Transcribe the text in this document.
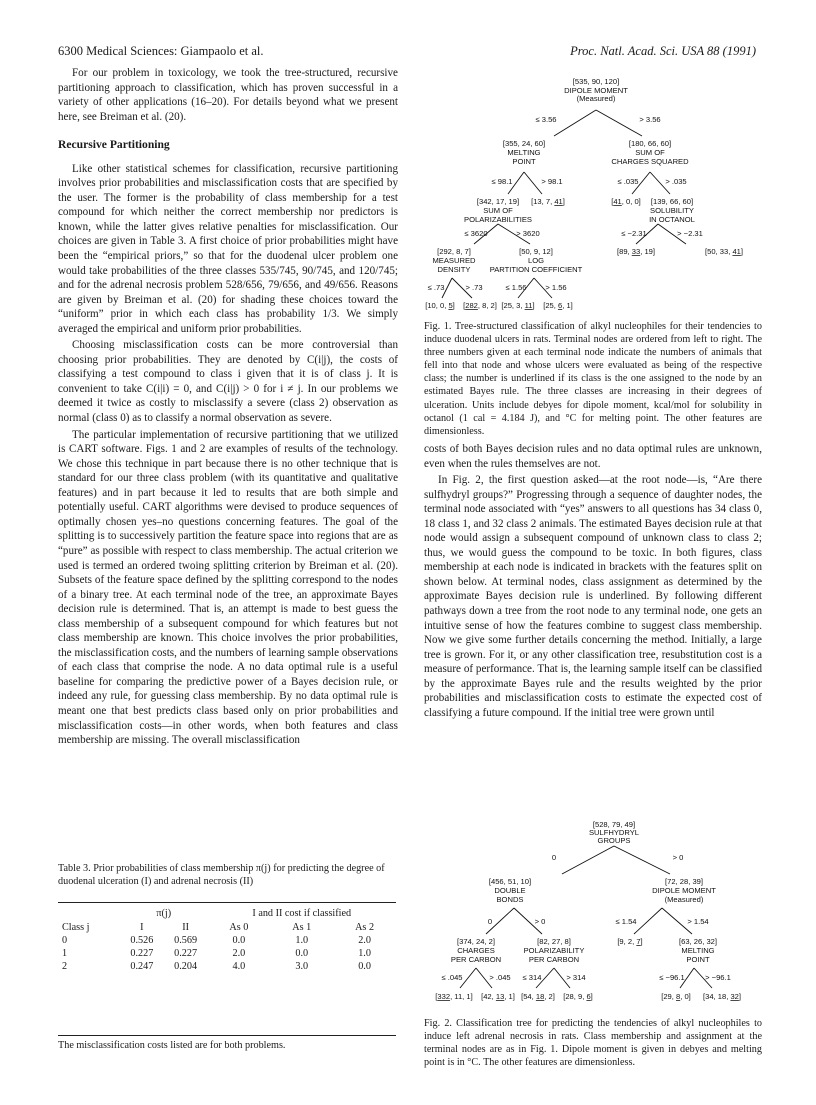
6300 Medical Sciences: Giampaolo et al.	Proc. Natl. Acad. Sci. USA 88 (1991)

For our problem in toxicology, we took the tree-structured, recursive partitioning approach to classification, which has proven successful in a variety of other applications (16–20). For details beyond what we present here, see Breiman et al. (20).

Recursive Partitioning

Like other statistical schemes for classification, recursive partitioning involves prior probabilities and misclassification costs that are specified by the user. The former is the probability of class membership for a test compound for which neither the correct membership nor predictors is known, while the latter gives relative penalties for misclassification. Our choices are given in Table 3. A first choice of prior probabilities might have been the “empirical priors,” so that for the duodenal ulcer problem one would take probabilities of the three classes 535/745, 90/745, and 120/745; and for the adrenal necrosis problem 528/656, 79/656, and 49/656. Reasons are given by Breiman et al. (20) for shading these choices toward the “uniform” prior in which each class has probability 1/3. We simply averaged the empirical and uniform prior probabilities.

Choosing misclassification costs can be more controversial than choosing prior probabilities. They are denoted by C(i|j), the costs of classifying a test compound to class i given that it is of class j. It is convenient to take C(i|i) = 0, and C(i|j) > 0 for i ≠ j. In our problems we deemed it twice as costly to misclassify a severe (class 2) observation as normal (class 0) as to classify a normal observation as severe.

The particular implementation of recursive partitioning that we utilized is CART software. Figs. 1 and 2 are examples of results of the technology. We chose this technique in part because there is no other technique that is standard for our three class problem (with its quantitative and qualitative features) and in part because it led to results that are both simple and potentially useful. CART algorithms were devised to produce sequences of optimally chosen yes–no questions concerning features. The goal of the splitting is to successively partition the feature space into regions that are as “pure” as possible with respect to class membership. The actual criterion we used is termed an ordered twoing splitting criterion by Breiman et al. (20). Subsets of the feature space defined by the splitting correspond to the nodes of a binary tree. At each terminal node of the tree, an approximate Bayes decision rule is determined. That is, an attempt is made to best guess the class membership of a subsequent compound for which features but not class membership are known. This choice involves the prior probabilities, the misclassification costs, and the numbers of learning sample observations of each class that comprise the node. A no data optimal rule is a useful baseline for comparing the predictive power of a Bayes decision rule, or indeed any rule, for guessing class membership. By no data optimal rule is meant one that best predicts class based only on prior probabilities and misclassification costs—in other words, when both features and class membership are missing. The overall misclassification

Table 3. Prior probabilities of class membership π(j) for predicting the degree of duodenal ulceration (I) and adrenal necrosis (II)
	π(j)		I and II cost if classified		
Class j	I	II	As 0	As 1	As 2
0	0.526	0.569	0.0	1.0	2.0
1	0.227	0.227	2.0	0.0	1.0
2	0.247	0.204	4.0	3.0	0.0
The misclassification costs listed are for both problems.
[535, 90, 120]
DIPOLE MOMENT
(Measured)
≤ 3.56	> 3.56
[355, 24, 60]
MELTING
POINT
[180, 66, 60]
SUM OF
CHARGES SQUARED
≤ 98.1	> 98.1	≤ .035	> .035
[342, 17, 19]
SUM OF
POLARIZABILITIES
[13, 7, 41]	[41, 0, 0] [139, 66, 60]
SOLUBILITY
IN OCTANOL
≤ 3620	> 3620	≤ −2.31	> −2.31
[292, 8, 7]
MEASURED
DENSITY
[50, 9, 12]
LOG
PARTITION COEFFICIENT
[89, 33, 19]	[50, 33, 41]
≤ .73	> .73	≤ 1.56 > 1.56
[10, 0, 5] [282, 8, 2] [25, 3, 11] [25, 6, 1]
Fig. 1. Tree-structured classification of alkyl nucleophiles for their tendencies to induce duodenal ulcers in rats. Terminal nodes are ordered from left to right. The three numbers given at each terminal node indicate the numbers of animals that fell into that node and whose ulcers were evaluated as being of the respective class; the number is underlined if its class is the one assigned to the node by an estimated Bayes rule. The three classes are increasing in their degrees of ulceration. Units include debyes for dipole moment, kcal/mol for solubility in octanol (1 cal = 4.184 J), and °C for melting point. The other features are dimensionless.

costs of both Bayes decision rules and no data optimal rules are unknown, even when the rules themselves are not.

In Fig. 2, the first question asked—at the root node—is, “Are there sulfhydryl groups?” Progressing through a sequence of daughter nodes, the terminal node associated with “yes” answers to all questions has 34 class 0, 18 class 1, and 32 class 2 animals. The estimated Bayes decision rule at that node would assign a subsequent compound of unknown class to class 2; thus, we would guess the compound to be toxic. In both figures, class membership at each node is indicated in brackets with the features split on shown below. At terminal nodes, class assignment as determined by the approximate Bayes decision rule is underlined. By following different pathways down a tree from the root node to any terminal node, one gets an intuitive sense of how the features combine to suggest class membership. Now we give some further details concerning the method. Initially, a large tree is grown. For it, or any other classification tree, resubstitution cost is a measure of performance. That is, the learning sample itself can be classified by the approximate Bayes rule and the results weighted by the prior probabilities and misclassification costs to estimate the expected cost of classifying a future compound. If the initial tree were grown until

[528, 79, 49]
SULFHYDRYL
GROUPS
0	> 0
[456, 51, 10]
DOUBLE
BONDS
[72, 28, 39]
DIPOLE MOMENT
(Measured)
0	> 0	≤ 1.54	> 1.54
[374, 24, 2]
CHARGES
PER CARBON
[82, 27, 8]
POLARIZABILITY
PER CARBON
[9, 2, 7]	[63, 26, 32]
MELTING
POINT
≤ .045	> .045 ≤ 314	> 314	≤ −96.1	> −96.1
[332, 11, 1] [42, 13, 1] [54, 18, 2] [28, 9, 6]	[29, 8, 0] [34, 18, 32]
Fig. 2. Classification tree for predicting the tendencies of alkyl nucleophiles to induce left adrenal necrosis in rats. Class membership and assignment at the terminal nodes are as in Fig. 1. Dipole moment is given in debyes and melting point is in °C. The other features are dimensionless.
